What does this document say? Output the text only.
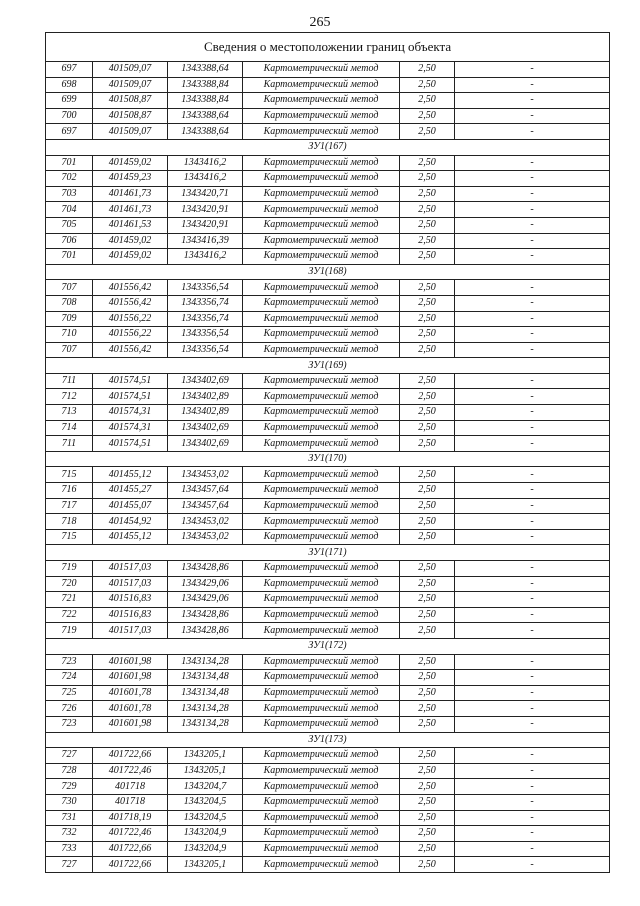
265
Сведения о местоположении границ объекта					
697	401509,07	1343388,64	Картометрический метод	2,50	-
698	401509,07	1343388,84	Картометрический метод	2,50	-
699	401508,87	1343388,84	Картометрический метод	2,50	-
700	401508,87	1343388,64	Картометрический метод	2,50	-
697	401509,07	1343388,64	Картометрический метод	2,50	-
ЗУ1(167)					
701	401459,02	1343416,2	Картометрический метод	2,50	-
702	401459,23	1343416,2	Картометрический метод	2,50	-
703	401461,73	1343420,71	Картометрический метод	2,50	-
704	401461,73	1343420,91	Картометрический метод	2,50	-
705	401461,53	1343420,91	Картометрический метод	2,50	-
706	401459,02	1343416,39	Картометрический метод	2,50	-
701	401459,02	1343416,2	Картометрический метод	2,50	-
ЗУ1(168)					
707	401556,42	1343356,54	Картометрический метод	2,50	-
708	401556,42	1343356,74	Картометрический метод	2,50	-
709	401556,22	1343356,74	Картометрический метод	2,50	-
710	401556,22	1343356,54	Картометрический метод	2,50	-
707	401556,42	1343356,54	Картометрический метод	2,50	-
ЗУ1(169)					
711	401574,51	1343402,69	Картометрический метод	2,50	-
712	401574,51	1343402,89	Картометрический метод	2,50	-
713	401574,31	1343402,89	Картометрический метод	2,50	-
714	401574,31	1343402,69	Картометрический метод	2,50	-
711	401574,51	1343402,69	Картометрический метод	2,50	-
ЗУ1(170)					
715	401455,12	1343453,02	Картометрический метод	2,50	-
716	401455,27	1343457,64	Картометрический метод	2,50	-
717	401455,07	1343457,64	Картометрический метод	2,50	-
718	401454,92	1343453,02	Картометрический метод	2,50	-
715	401455,12	1343453,02	Картометрический метод	2,50	-
ЗУ1(171)					
719	401517,03	1343428,86	Картометрический метод	2,50	-
720	401517,03	1343429,06	Картометрический метод	2,50	-
721	401516,83	1343429,06	Картометрический метод	2,50	-
722	401516,83	1343428,86	Картометрический метод	2,50	-
719	401517,03	1343428,86	Картометрический метод	2,50	-
ЗУ1(172)					
723	401601,98	1343134,28	Картометрический метод	2,50	-
724	401601,98	1343134,48	Картометрический метод	2,50	-
725	401601,78	1343134,48	Картометрический метод	2,50	-
726	401601,78	1343134,28	Картометрический метод	2,50	-
723	401601,98	1343134,28	Картометрический метод	2,50	-
ЗУ1(173)					
727	401722,66	1343205,1	Картометрический метод	2,50	-
728	401722,46	1343205,1	Картометрический метод	2,50	-
729	401718	1343204,7	Картометрический метод	2,50	-
730	401718	1343204,5	Картометрический метод	2,50	-
731	401718,19	1343204,5	Картометрический метод	2,50	-
732	401722,46	1343204,9	Картометрический метод	2,50	-
733	401722,66	1343204,9	Картометрический метод	2,50	-
727	401722,66	1343205,1	Картометрический метод	2,50	-
